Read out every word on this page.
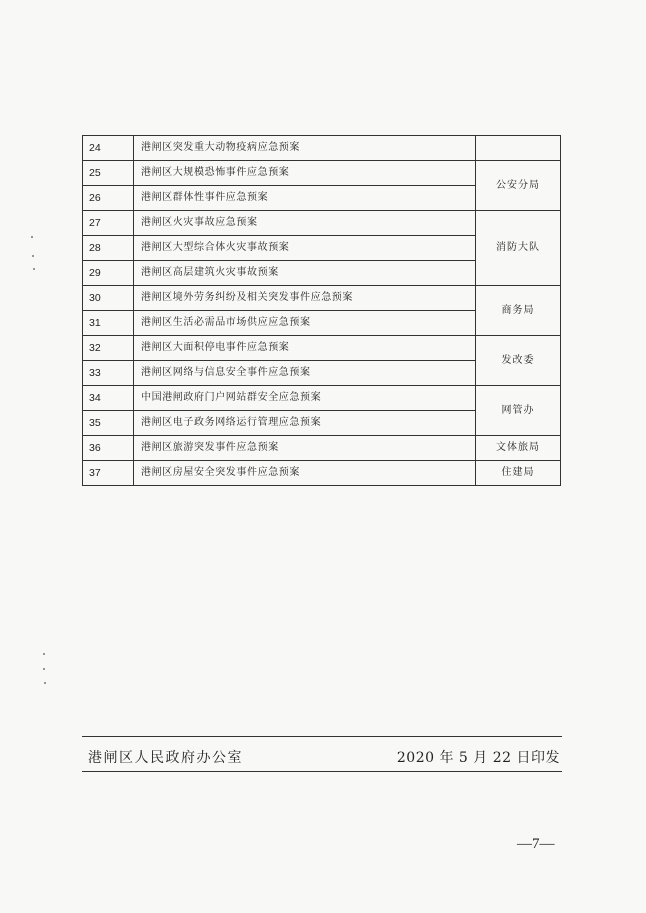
24	港闸区突发重大动物疫病应急预案	
25	港闸区大规模恐怖事件应急预案	公安分局
26	港闸区群体性事件应急预案	
27	港闸区火灾事故应急预案	消防大队
28	港闸区大型综合体火灾事故预案	
29	港闸区高层建筑火灾事故预案	
30	港闸区境外劳务纠纷及相关突发事件应急预案	商务局
31	港闸区生活必需品市场供应应急预案	
32	港闸区大面积停电事件应急预案	发改委
33	港闸区网络与信息安全事件应急预案	
34	中国港闸政府门户网站群安全应急预案	网管办
35	港闸区电子政务网络运行管理应急预案	
36	港闸区旅游突发事件应急预案	文体旅局
37	港闸区房屋安全突发事件应急预案	住建局
港闸区人民政府办公室	2020 年 5 月 22 日印发
—7—
